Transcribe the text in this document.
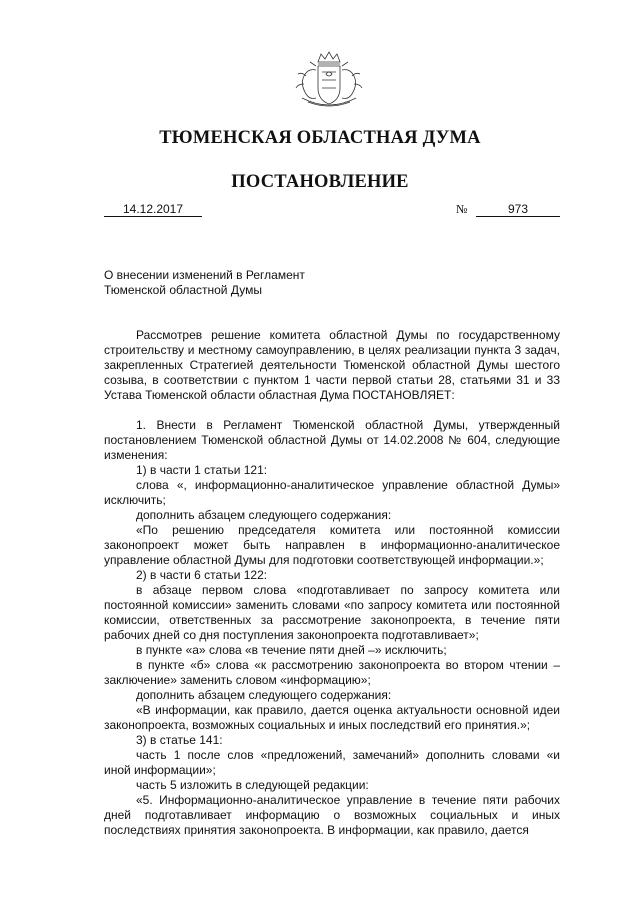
ТЮМЕНСКАЯ ОБЛАСТНАЯ ДУМА
ПОСТАНОВЛЕНИЕ
14.12.2017	№	973
О внесении изменений в Регламент
Тюменской областной Думы

Рассмотрев решение комитета областной Думы по государственному строительству и местному самоуправлению, в целях реализации пункта 3 задач, закрепленных Стратегией деятельности Тюменской областной Думы шестого созыва, в соответствии с пунктом 1 части первой статьи 28, статьями 31 и 33 Устава Тюменской области областная Дума ПОСТАНОВЛЯЕТ:

1. Внести в Регламент Тюменской областной Думы, утвержденный постановлением Тюменской областной Думы от 14.02.2008 № 604, следующие изменения:

1) в части 1 статьи 121:

слова «, информационно-аналитическое управление областной Думы» исключить;

дополнить абзацем следующего содержания:

«По решению председателя комитета или постоянной комиссии законопроект может быть направлен в информационно-аналитическое управление областной Думы для подготовки соответствующей информации.»;

2) в части 6 статьи 122:

в абзаце первом слова «подготавливает по запросу комитета или постоянной комиссии» заменить словами «по запросу комитета или постоянной комиссии, ответственных за рассмотрение законопроекта, в течение пяти рабочих дней со дня поступления законопроекта подготавливает»;

в пункте «а» слова «в течение пяти дней –» исключить;

в пункте «б» слова «к рассмотрению законопроекта во втором чтении – заключение» заменить словом «информацию»;

дополнить абзацем следующего содержания:

«В информации, как правило, дается оценка актуальности основной идеи законопроекта, возможных социальных и иных последствий его принятия.»;

3) в статье 141:

часть 1 после слов «предложений, замечаний» дополнить словами «и иной информации»;

часть 5 изложить в следующей редакции:

«5. Информационно-аналитическое управление в течение пяти рабочих дней подготавливает информацию о возможных социальных и иных последствиях принятия законопроекта. В информации, как правило, дается
